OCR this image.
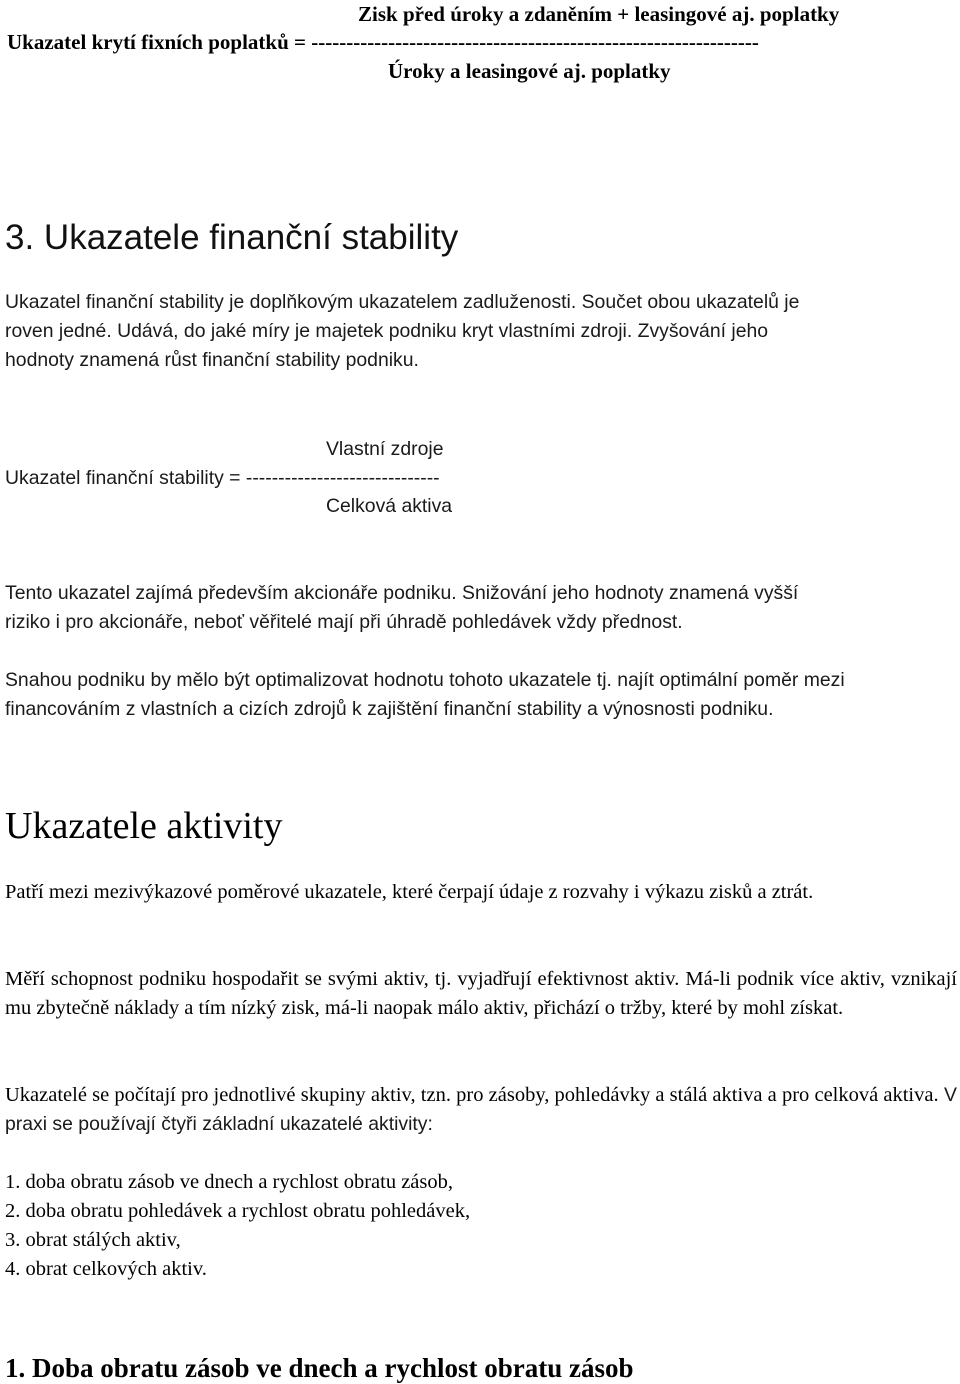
Zisk před úroky a zdaněním + leasingové aj. poplatky
Ukazatel krytí fixních poplatků = ----------------------------------------------------------------
Úroky a leasingové aj. poplatky
3. Ukazatele finanční stability
Ukazatel finanční stability je doplňkovým ukazatelem zadluženosti. Součet obou ukazatelů je
roven jedné. Udává, do jaké míry je majetek podniku kryt vlastními zdroji. Zvyšování jeho
hodnoty znamená růst finanční stability podniku.
Vlastní zdroje
Ukazatel finanční stability = ------------------------------
Celková aktiva
Tento ukazatel zajímá především akcionáře podniku. Snižování jeho hodnoty znamená vyšší
riziko i pro akcionáře, neboť věřitelé mají při úhradě pohledávek vždy přednost.
Snahou podniku by mělo být optimalizovat hodnotu tohoto ukazatele tj. najít optimální poměr mezi financováním z vlastních a cizích zdrojů k zajištění finanční stability a výnosnosti podniku.
Ukazatele aktivity
Patří mezi mezivýkazové poměrové ukazatele, které čerpají údaje z rozvahy i výkazu zisků a ztrát.
Měří schopnost podniku hospodařit se svými aktiv, tj. vyjadřují efektivnost aktiv. Má-li podnik více aktiv, vznikají mu zbytečně náklady a tím nízký zisk, má-li naopak málo aktiv, přichází o tržby, které by mohl získat.
Ukazatelé se počítají pro jednotlivé skupiny aktiv, tzn. pro zásoby, pohledávky a stálá aktiva a pro celková aktiva. V praxi se používají čtyři základní ukazatelé aktivity:
1. doba obratu zásob ve dnech a rychlost obratu zásob,
2. doba obratu pohledávek a rychlost obratu pohledávek,
3. obrat stálých aktiv,
4. obrat celkových aktiv.
1. Doba obratu zásob ve dnech a rychlost obratu zásob
